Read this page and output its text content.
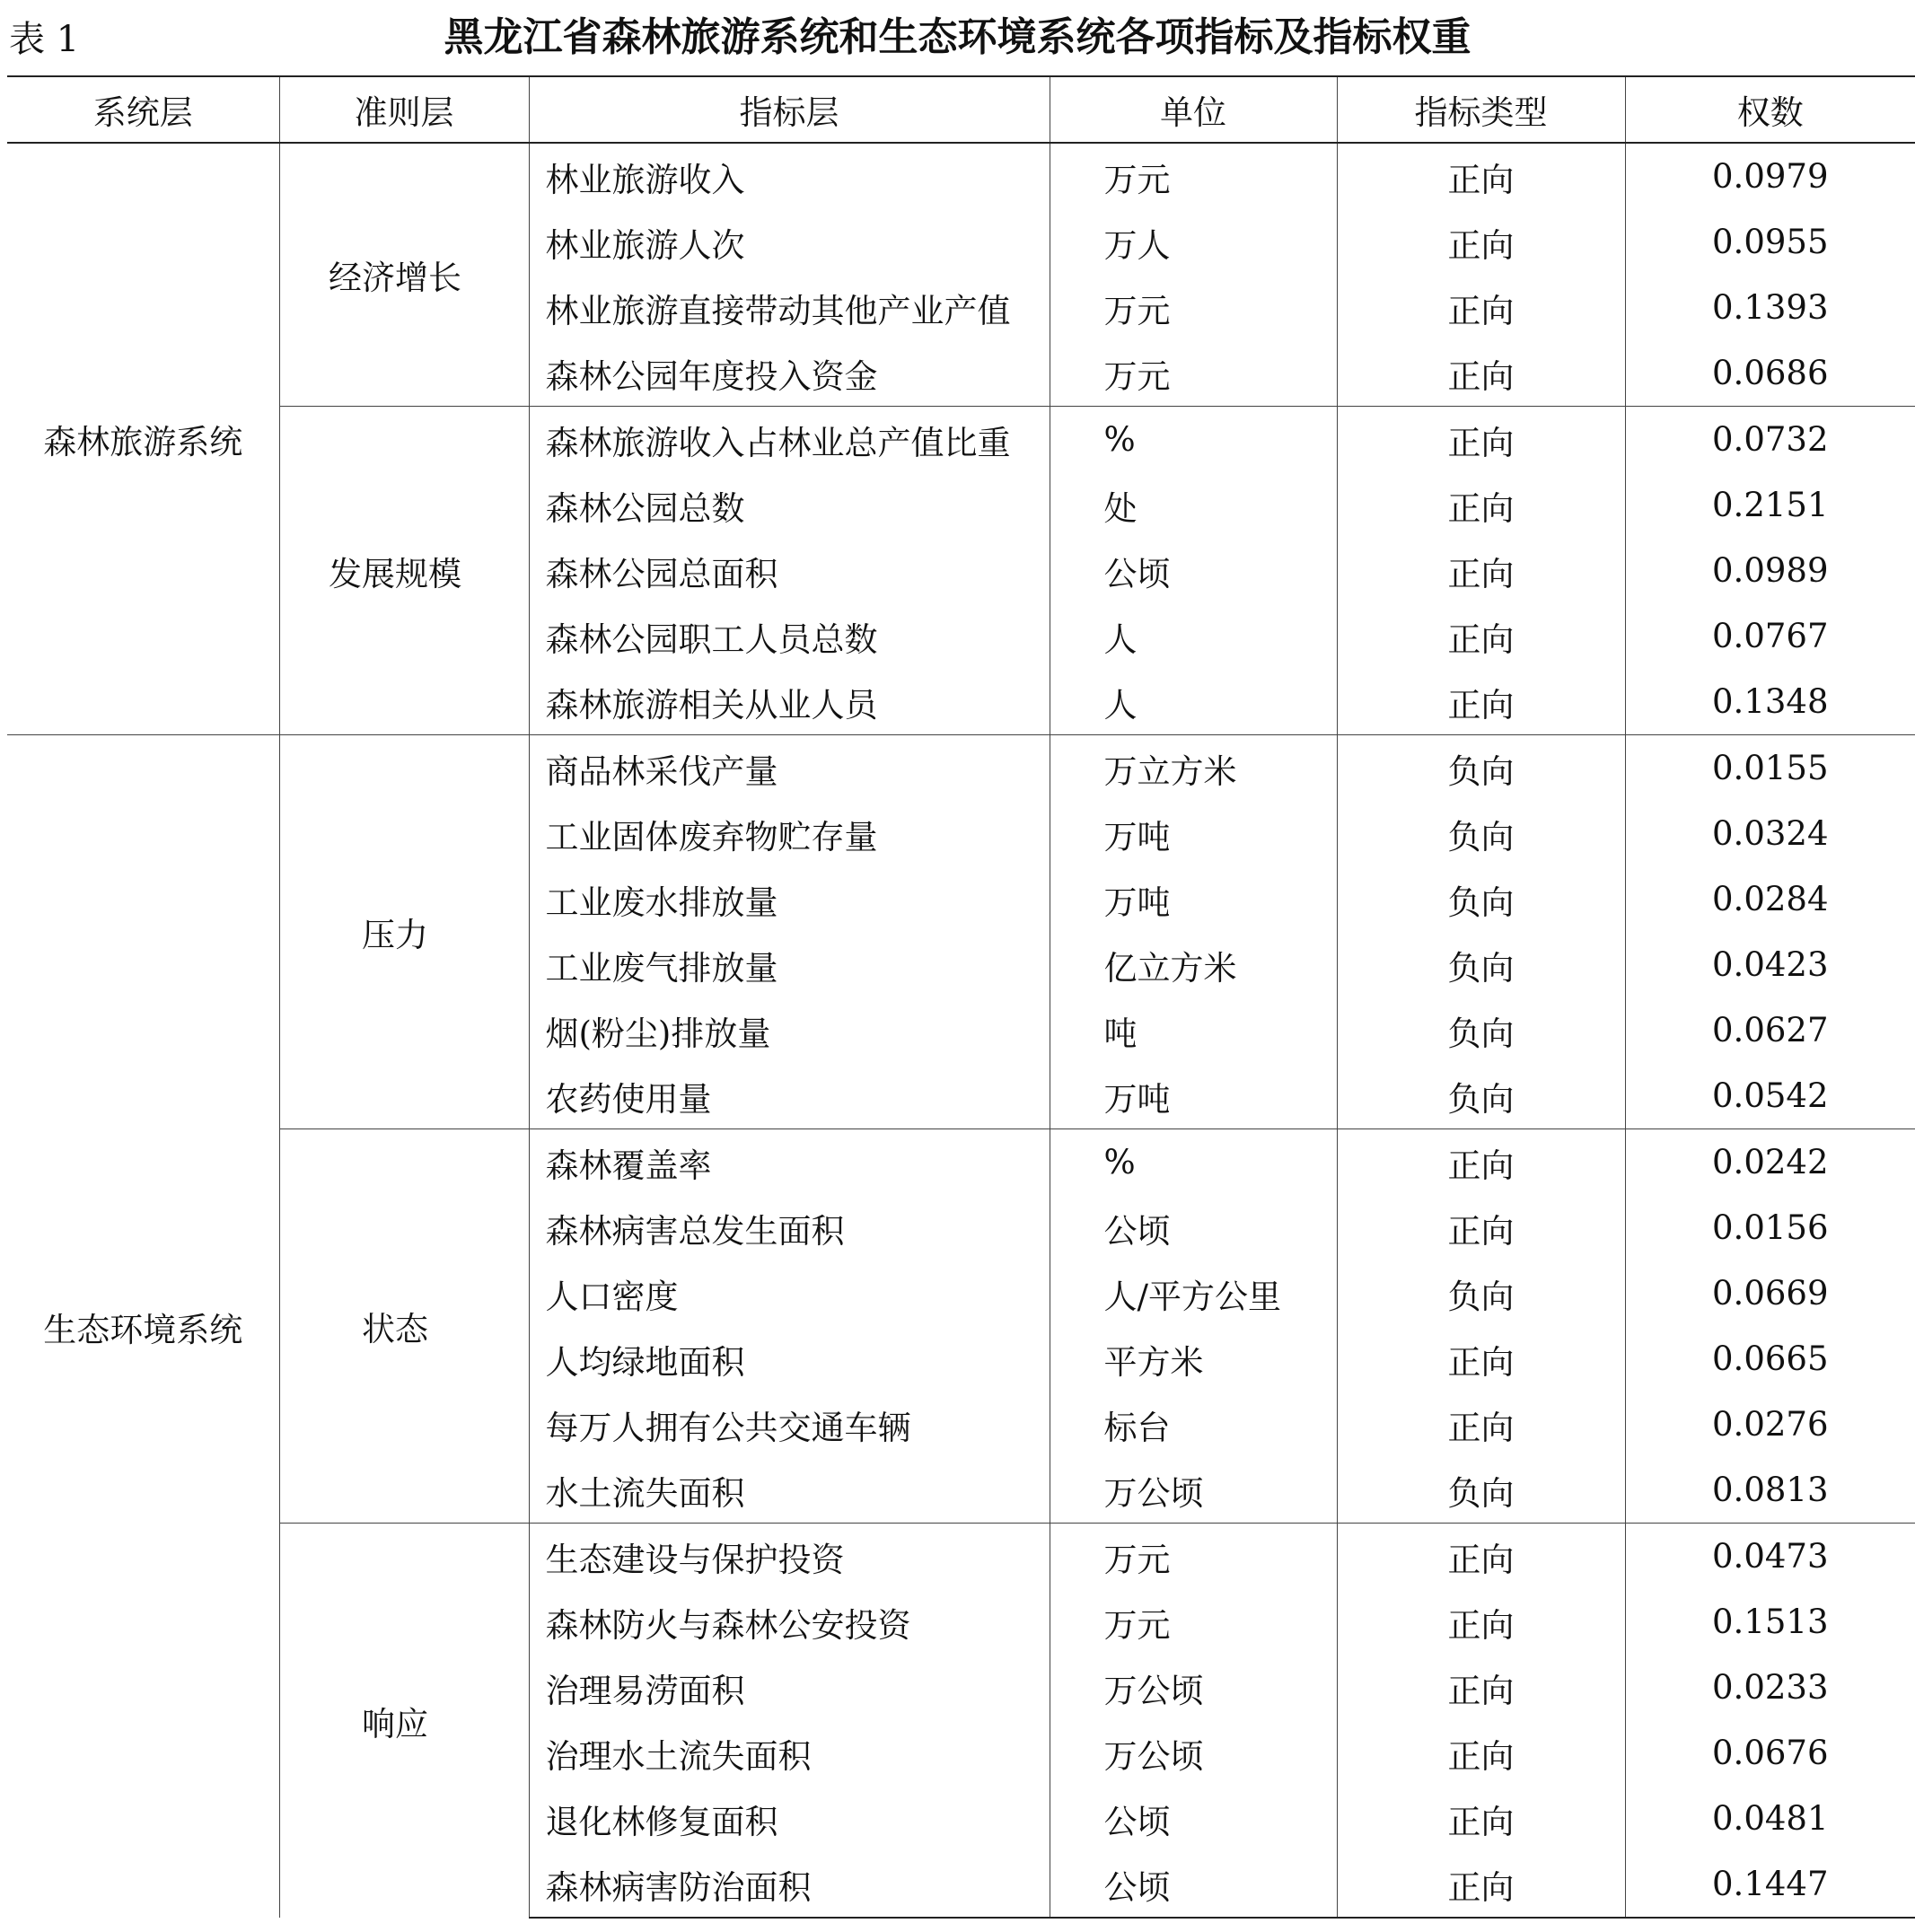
表 1	黑龙江省森林旅游系统和生态环境系统各项指标及指标权重
系统层	准则层	指标层	单位	指标类型	权数
森林旅游系统	经济增长	林业旅游收入	万元	正向	0.0979
		林业旅游人次	万人	正向	0.0955
		林业旅游直接带动其他产业产值	万元	正向	0.1393
		森林公园年度投入资金	万元	正向	0.0686
	发展规模	森林旅游收入占林业总产值比重	%	正向	0.0732
		森林公园总数	处	正向	0.2151
		森林公园总面积	公顷	正向	0.0989
		森林公园职工人员总数	人	正向	0.0767
		森林旅游相关从业人员	人	正向	0.1348
生态环境系统	压力	商品林采伐产量	万立方米	负向	0.0155
		工业固体废弃物贮存量	万吨	负向	0.0324
		工业废水排放量	万吨	负向	0.0284
		工业废气排放量	亿立方米	负向	0.0423
		烟(粉尘)排放量	吨	负向	0.0627
		农药使用量	万吨	负向	0.0542
	状态	森林覆盖率	%	正向	0.0242
		森林病害总发生面积	公顷	正向	0.0156
		人口密度	人/平方公里	负向	0.0669
		人均绿地面积	平方米	正向	0.0665
		每万人拥有公共交通车辆	标台	正向	0.0276
		水土流失面积	万公顷	负向	0.0813
	响应	生态建设与保护投资	万元	正向	0.0473
		森林防火与森林公安投资	万元	正向	0.1513
		治理易涝面积	万公顷	正向	0.0233
		治理水土流失面积	万公顷	正向	0.0676
		退化林修复面积	公顷	正向	0.0481
		森林病害防治面积	公顷	正向	0.1447
